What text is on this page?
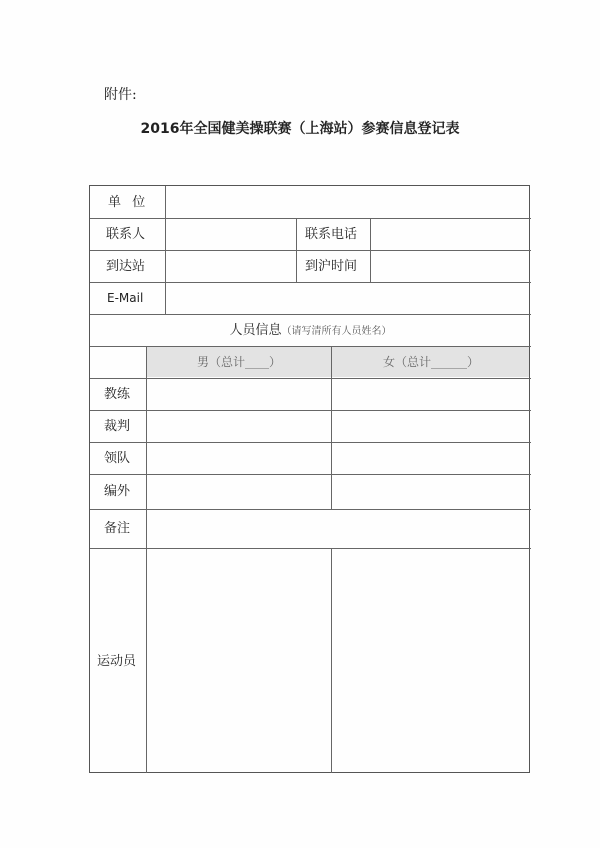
附件:
2016年全国健美操联赛（上海站）参赛信息登记表
单  位
联系人	联系电话
到达站	到沪时间
E-Mail
人员信息（请写清所有人员姓名）
男（总计____）	女（总计______）
教练
裁判
领队
编外
备注
运动员
